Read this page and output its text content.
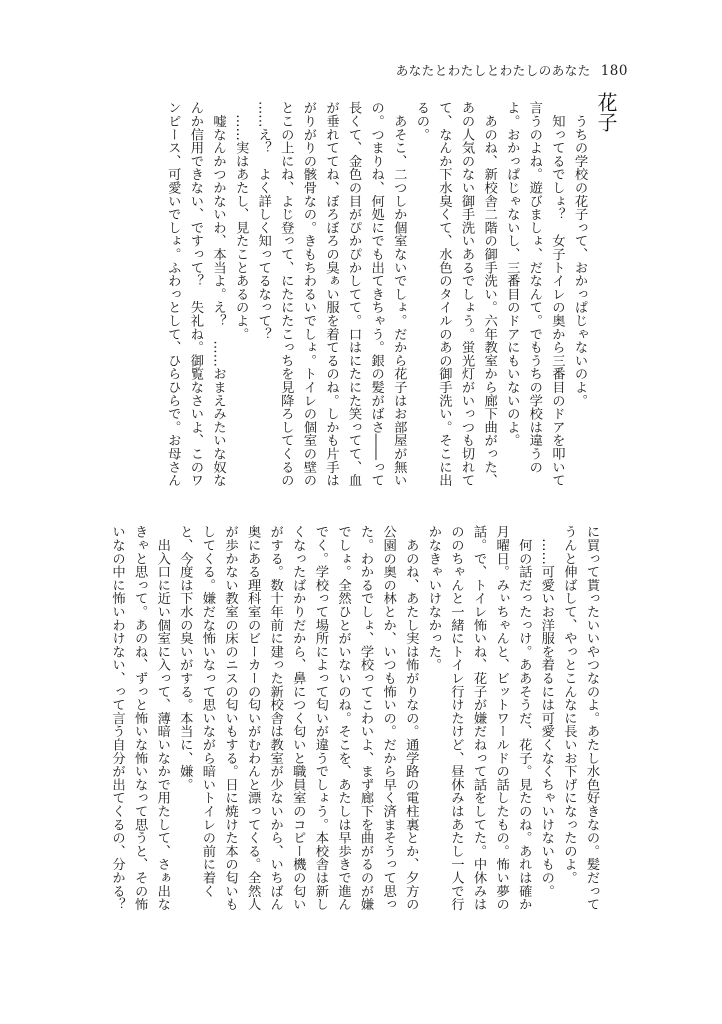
あなたとわたしとわたしのあなた 180
花子
　うちの学校の花子って、おかっぱじゃないのよ。
　知ってるでしょ？　女子トイレの奥から三番目のドアを叩いて
言うのよね。遊びましょ、だなんて。でもうちの学校は違うの
よ。おかっぱじゃないし、三番目のドアにもいないのよ。
　あのね、新校舎二階の御手洗い。六年教室から廊下曲がった、
あの人気のない御手洗いあるでしょう。蛍光灯がいっつも切れて
て、なんか下水臭くて、水色のタイルのあの御手洗い。そこに出
るの。
　あそこ、二つしか個室ないでしょ。だから花子はお部屋が無い
の。つまりね、何処にでも出てきちゃう。銀の髪がばさ――って
長くて、金色の目がぴかぴかしてて。口はにたにた笑ってて、血
が垂れててね、ぼろぼろの臭ぁい服を着てるのね。しかも片手は
がりがりの骸骨なの。きもちわるいでしょ。トイレの個室の壁の
とこの上にね、よじ登って、にたにたこっちを見降ろしてくるの
……え？　よく詳しく知ってるなって？
　……実はあたし、見たことあるのよ。
　嘘なんかつかないわ、本当よ。え？　……おまえみたいな奴な
んか信用できない、ですって？　失礼ね。御覧なさいよ、このワ
ンピース、可愛いでしょ。ふわっとして、ひらひらで。お母さん
に買って貰ったいいやつなのよ。あたし水色好きなの。髪だって
うんと伸ばして、やっとこんなに長いお下げになったのよ。
　……可愛いお洋服を着るには可愛くなくちゃいけないもの。
　何の話だったっけ。ああそうだ、花子。見たのね。あれは確か
月曜日。みぃちゃんと、ビットワールドの話したもの。怖い夢の
話。で、トイレ怖いね、花子が嫌だねって話をしてた。中休みは
ののちゃんと一緒にトイレ行けたけど、昼休みはあたし一人で行
かなきゃいけなかった。
　あのね、あたし実は怖がりなの。通学路の電柱裏とか、夕方の
公園の奥の林とか、いつも怖いの。だから早く済まそうって思っ
た。わかるでしょ、学校ってこわいよ、まず廊下を曲がるのが嫌
でしょ。全然ひとがいないのね。そこを、あたしは早歩きで進ん
でく。学校って場所によって匂いが違うでしょう。本校舎は新し
くなったばかりだから、鼻につく匂いと職員室のコピー機の匂い
がする。数十年前に建った新校舎は教室が少ないから、いちばん
奥にある理科室のビーカーの匂いがむわんと漂ってくる。全然人
が歩かない教室の床のニスの匂いもする。日に焼けた本の匂いも
してくる。嫌だな怖いなって思いながら暗いトイレの前に着く
と、今度は下水の臭いがする。本当に、嫌。
　出入口に近い個室に入って、薄暗いなかで用たして、さぁ出な
きゃと思って。あのね、ずっと怖いな怖いなって思うと、その怖
いなの中に怖いわけない、って言う自分が出てくるの、分かる？
